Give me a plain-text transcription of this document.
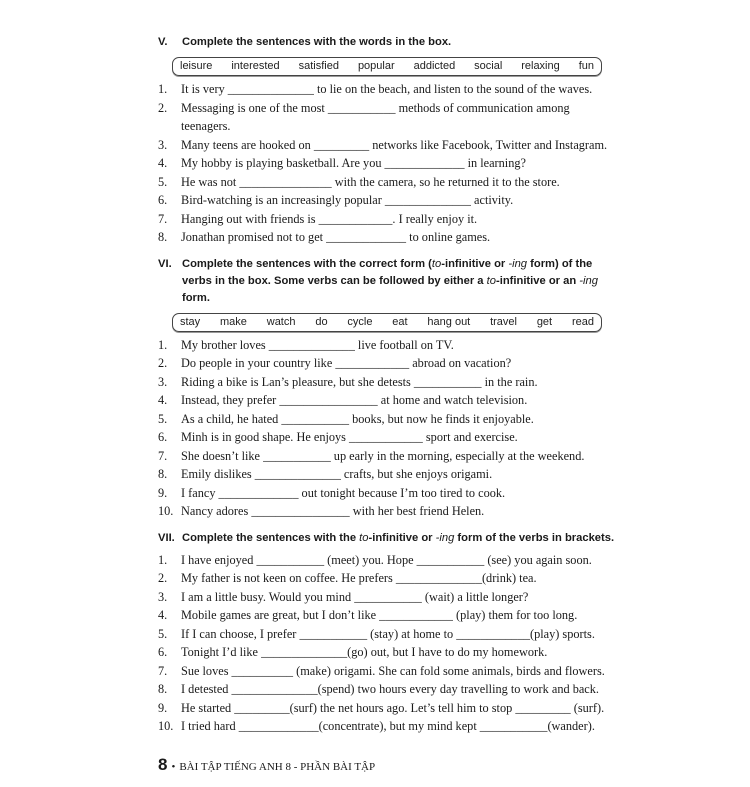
V.	Complete the sentences with the words in the box.
leisure interested satisfied popular addicted social relaxing fun
1.	It is very ______________ to lie on the beach, and listen to the sound of the waves.
2.	Messaging is one of the most ___________ methods of communication among teenagers.
3.	Many teens are hooked on _________ networks like Facebook, Twitter and Instagram.
4.	My hobby is playing basketball. Are you _____________ in learning?
5.	He was not _______________ with the camera, so he returned it to the store.
6.	Bird-watching is an increasingly popular ______________ activity.
7.	Hanging out with friends is ____________. I really enjoy it.
8.	Jonathan promised not to get _____________ to online games.
VI. Complete the sentences with the correct form (to-infinitive or -ing form) of the verbs in the box. Some verbs can be followed by either a to-infinitive or an -ing form.
stay make watch do cycle eat hang out travel get read
1.	My brother loves ______________ live football on TV.
2.	Do people in your country like ____________ abroad on vacation?
3.	Riding a bike is Lan’s pleasure, but she detests ___________ in the rain.
4.	Instead, they prefer ________________ at home and watch television.
5.	As a child, he hated ___________ books, but now he finds it enjoyable.
6.	Minh is in good shape. He enjoys ____________ sport and exercise.
7.	She doesn’t like ___________ up early in the morning, especially at the weekend.
8.	Emily dislikes ______________ crafts, but she enjoys origami.
9.	I fancy _____________ out tonight because I’m too tired to cook.
10. Nancy adores ________________ with her best friend Helen.
VII. Complete the sentences with the to-infinitive or -ing form of the verbs in brackets.
1.	I have enjoyed ___________ (meet) you. Hope ___________ (see) you again soon.
2.	My father is not keen on coffee. He prefers ______________(drink) tea.
3.	I am a little busy. Would you mind ___________ (wait) a little longer?
4.	Mobile games are great, but I don’t like ____________ (play) them for too long.
5.	If I can choose, I prefer ___________ (stay) at home to ____________(play) sports.
6.	Tonight I’d like ______________(go) out, but I have to do my homework.
7.	Sue loves __________ (make) origami. She can fold some animals, birds and flowers.
8.	I detested ______________(spend) two hours every day travelling to work and back.
9.	He started _________(surf) the net hours ago. Let’s tell him to stop _________ (surf).
10. I tried hard _____________(concentrate), but my mind kept ___________(wander).
8 • BÀI TẬP TIẾNG ANH 8 - PHẦN BÀI TẬP
